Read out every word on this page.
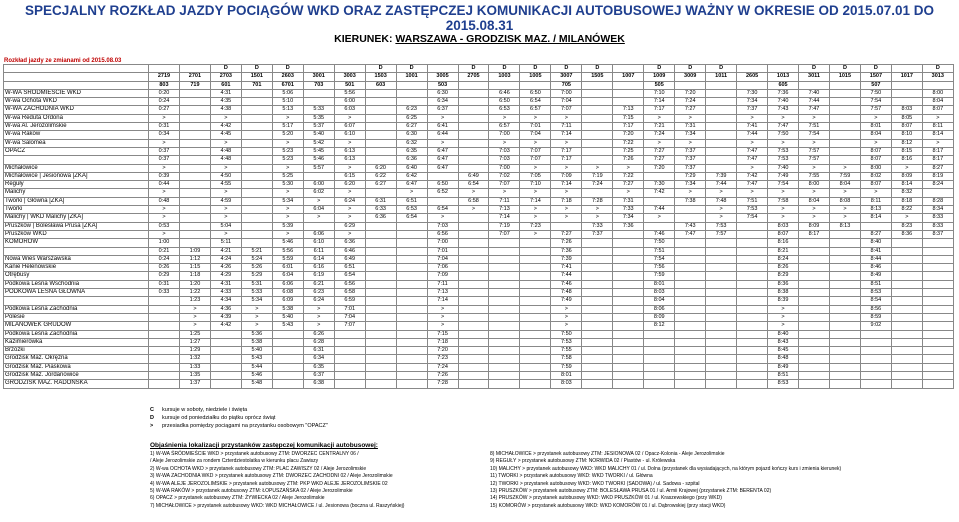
SPECJALNY ROZKŁAD JAZDY POCIĄGÓW WKD ORAZ ZASTĘPCZEJ KOMUNIKACJI AUTOBUSOWEJ WAŻNY W OKRESIE OD 2015.07.01 DO 2015.08.31
KIERUNEK: WARSZAWA - GRODZISK MAZ. / MILANÓWEK
Rozkład jazdy ze zmianami od 2015.08.03
			D	D	D			D	D		D	D	D	D	D		D	D	D			D	D	D		D
	2719	2701	2703	1501	2603	3001	3003	1503	1001	3005	2705	1003	1005	3007	1505	1007	1009	3009	1011	2605	1013	3011	1015	1507	1017	3013
	803	719	601	701	6701	703	501	603		503				705			505				605			507		
W-WA ŚRÓDMIEŚCIE WKD	0:20		4:31		5:06		5:56			6:30		6:46	6:50	7:00			7:10	7:20		7:30	7:36	7:40		7:50		8:00
W-wa Ochota WKD	0:24		4:35		5:10		6:00			6:34		6:50	6:54	7:04			7:14	7:24		7:34	7:40	7:44		7:54		8:04
W-WA ZACHODNIA WKD	0:27		4:38		5:13	5:33	6:03		6:23	6:37		6:53	6:57	7:07		7:13	7:17	7:27		7:37	7:43	7:47		7:57	8:03	8:07
W-wa Reduta Ordona	>		>		>	5:35	>		6:25	>		>	>	>		7:15	>	>		>	>	>		>	8:05	>
W-wa Al. Jerozolimskie	0:31		4:42		5:17	5:37	6:07		6:27	6:41		6:57	7:01	7:11		7:17	7:21	7:31		7:41	7:47	7:51		8:01	8:07	8:11
W-wa Raków	0:34		4:45		5:20	5:40	6:10		6:30	6:44		7:00	7:04	7:14		7:20	7:24	7:34		7:44	7:50	7:54		8:04	8:10	8:14
W-wa Salomea	>		>		>	5:42	>		6:32	>		>	>	>		7:22	>	>		>	>	>		>	8:12	>
OPACZ	0:37		4:48		5:23	5:45	6:13		6:35	6:47		7:03	7:07	7:17		7:25	7:27	7:37		7:47	7:53	7:57		8:07	8:15	8:17
	0:37		4:48		5:23	5:46	6:13		6:36	6:47		7:03	7:07	7:17		7:26	7:27	7:37		7:47	7:53	7:57		8:07	8:16	8:17
Michałowice	>		>		>	5:57	>	6:20	6:40	6:47		7:00	>	>	>	>	7:20	7:37		>	7:40	>	>	8:00	>	8:27
Michałowice | Jesionowa [ZKA]	0:39		4:50		5:25		6:15	6:22	6:42		6:49	7:02	7:05	7:09	7:19	7:22		7:29	7:39	7:42	7:49	7:55	7:59	8:02	8:09	8:19
Reguły	0:44		4:55		5:30	6:00	6:20	6:27	6:47	6:50	6:54	7:07	7:10	7:14	7:24	7:27	7:30	7:34	7:44	7:47	7:54	8:00	8:04	8:07	8:14	8:24
Malichy	>		>		>	6:02	>		>	6:52	>	>	>	>		>	7:42	>	>	>	>	>	>	>	8:32	
Tworki | Główna [ZKA]	0:48		4:59		5:34	>	6:24	6:31	6:51		6:58	7:11	7:14	7:18	7:28	7:31		7:38	7:48	7:51	7:58	8:04	8:08	8:11	8:18	8:28
Tworki	>		>		>	6:04	>	6:33	6:53	6:54	>	7:13	>	>	>	7:33	7:44		>	7:53	>	>	>	8:13	8:22	8:34
Malichy | WKD Malichy [ZKA]	>		>		>	>	>	6:36	6:54	>		7:14	>	>	>	7:34	>		>	7:54	>	>	>	8:14	>	8:33
Pruszków | Bolesława Prusa [ZKA]	0:53		5:04		5:39		6:29			7:03		7:19	7:23		7:33	7:36		7:43	7:53		8:03	8:09	8:13		8:23	8:33
Pruszków WKD	>		>		>	6:06	>			6:56		7:07	>	7:27	7:37		7:46	7:47	7:57		8:07	8:17		8:27	8:36	8:37
KOMORÓW	1:00		5:11		5:46	6:10	6:36			7:00				7:26			7:50				8:16			8:40		
	0:21	1:09	4:21	5:21	5:56	6:11	6:46			7:01				7:36			7:51				8:21			8:41		
Nowa Wieś Warszawska	0:24	1:12	4:24	5:24	5:59	6:14	6:49			7:04				7:39			7:54				8:24			8:44		
Kanie Helenowskie	0:26	1:15	4:26	5:26	6:01	6:16	6:51			7:06				7:41			7:56				8:26			8:46		
Otrębusy	0:29	1:18	4:29	5:29	6:04	6:19	6:54			7:09				7:44			7:59				8:29			8:49		
Podkowa Leśna Wschodnia	0:31	1:20	4:31	5:31	6:06	6:21	6:56			7:11				7:46			8:01				8:36			8:51		
PODKOWA LEŚNA GŁÓWNA	0:33	1:22	4:33	5:33	6:08	6:23	6:58			7:13				7:48			8:03				8:38			8:53		
		1:23	4:34	5:34	6:09	6:24	6:59			7:14				7:49			8:04				8:39			8:54		
Podkowa Leśna Zachodnia		>	4:36	>	5:38	>	7:01			>				>			8:06				>			8:56		
Polesie		>	4:39	>	5:40	>	7:04			>				>			8:09				>			8:59		
MILANÓWEK GRUDÓW		>	4:42	>	5:43	>	7:07			>				>			8:12				>			9:02		
Podkowa Leśna Zachodnia		1:25		5:36		6:26				7:15				7:50							8:40					
Kazimierówka		1:27		5:38		6:28				7:18				7:53							8:43					
Brzózki		1:29		5:40		6:31				7:20				7:55							8:45					
Grodzisk Maz. Okrężna		1:32		5:43		6:34				7:23				7:58							8:48					
Grodzisk Maz. Piaskowa		1:33		5:44		6:35				7:24				7:59							8:49					
Grodzisk Maz. Jordanowice		1:35		5:46		6:37				7:26				8:01							8:51					
GRODZISK MAZ. RADOŃSKA		1:37		5:48		6:38				7:28				8:03							8:53					
C kursuje w soboty, niedziele i święta
D kursuje od poniedziałku do piątku oprócz świąt
> przesiadka pomiędzy pociągami na przystanku osobowym "OPACZ"
Objaśnienia lokalizacji przystanków zastępczej komunikacji autobusowej:
1) W-WA ŚRÓDMIEŚCIE WKD > przystanek autobusowy ZTM: DWORZEC CENTRALNY 06 /
/ Aleje Jerozolimskie za rondem Czterdziestolatka w kierunku placu Zawiszy
2) W-wa OCHOTA WKD > przystanek autobusowy ZTM: PLAC ZAWISZY 02 / Aleje Jerozolimskie
3) W-WA ZACHODNIA WKD > przystanek autobusowy ZTM: DWORZEC ZACHODNI 02 / Aleje Jerozolimskie
4) W-WA ALEJE JEROZOLIMSKIE > przystanek autobusowy ZTM: PKP WKD ALEJE JEROZOLIMSKIE 02
5) W-WA RAKÓW > przystanek autobusowy ZTM: ŁOPUSZAŃSKA 02 / Aleje Jerozolimskie
6) OPACZ > przystanek autobusowy ZTM: ŻYWIECKA 02 / Aleje Jerozolimskie
7) MICHAŁOWICE > przystanek autobusowy WKD: WKD MICHAŁOWICE / ul. Jesionowa (boczna ul. Raszyńskiej)
8) MICHAŁOWICE > przystanek autobusowy ZTM: JESIONOWA 02 / Opacz-Kolonia - Aleje Jerozolimskie
9) REGUŁY > przystanek autobusowy ZTM: NORWIDA 02 / Piastów - ul. Królewska
10) MALICHY > przystanek autobusowy WKD: WKD MALICHY 01 / ul. Dolna (przystanek dla wysiadających, na którym pojazd kończy kurs i zmienia kierunek)
11) TWORKI > przystanek autobusowy WKD: WKD TWORKI / ul. Główna
12) TWORKI > przystanek autobusowy WKD: WKD TWORKI (SADOWA) / ul. Sadowa - szpital
13) PRUSZKÓW > przystanek autobusowy ZTM: BOLESŁAWA PRUSA 01 / ul. Armii Krajowej (przystanek ZTM: BERENTA 02)
14) PRUSZKÓW > przystanek autobusowy WKD: WKD PRUSZKÓW 01 / ul. Kraszewskiego (przy WKD)
15) KOMORÓW > przystanek autobusowy WKD: WKD KOMORÓW 01 / ul. Dąbrowskiej (przy stacji WKD)
